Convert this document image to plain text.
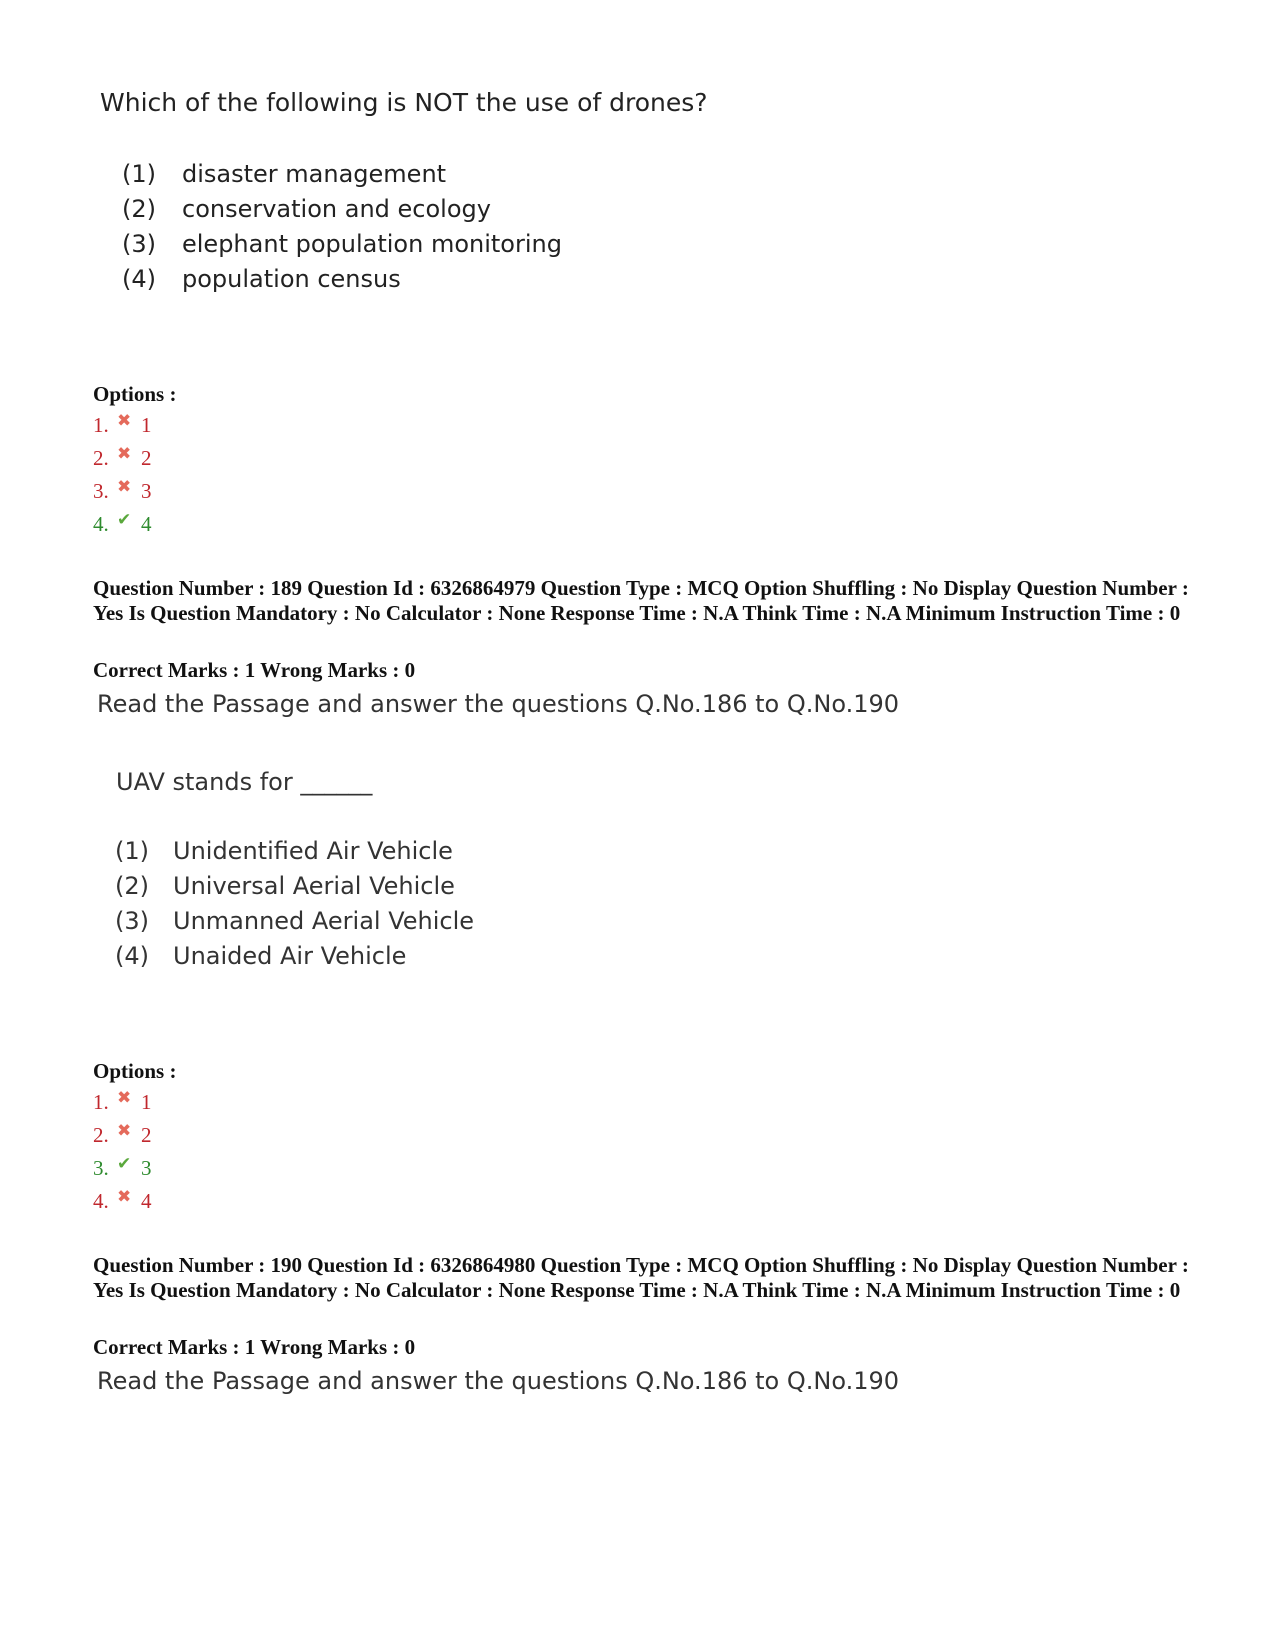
Which of the following is NOT the use of drones?
(1)	disaster management
(2)	conservation and ecology
(3)	elephant population monitoring
(4)	population census
Options :
1. ✖ 1
2. ✖ 2
3. ✖ 3
4. ✔ 4
Question Number : 189 Question Id : 6326864979 Question Type : MCQ Option Shuffling : No Display Question Number : Yes Is Question Mandatory : No Calculator : None Response Time : N.A Think Time : N.A Minimum Instruction Time : 0
Correct Marks : 1 Wrong Marks : 0
Read the Passage and answer the questions Q.No.186 to Q.No.190
UAV stands for ______
(1)	Unidentified Air Vehicle
(2)	Universal Aerial Vehicle
(3)	Unmanned Aerial Vehicle
(4)	Unaided Air Vehicle
Options :
1. ✖ 1
2. ✖ 2
3. ✔ 3
4. ✖ 4
Question Number : 190 Question Id : 6326864980 Question Type : MCQ Option Shuffling : No Display Question Number : Yes Is Question Mandatory : No Calculator : None Response Time : N.A Think Time : N.A Minimum Instruction Time : 0
Correct Marks : 1 Wrong Marks : 0
Read the Passage and answer the questions Q.No.186 to Q.No.190
